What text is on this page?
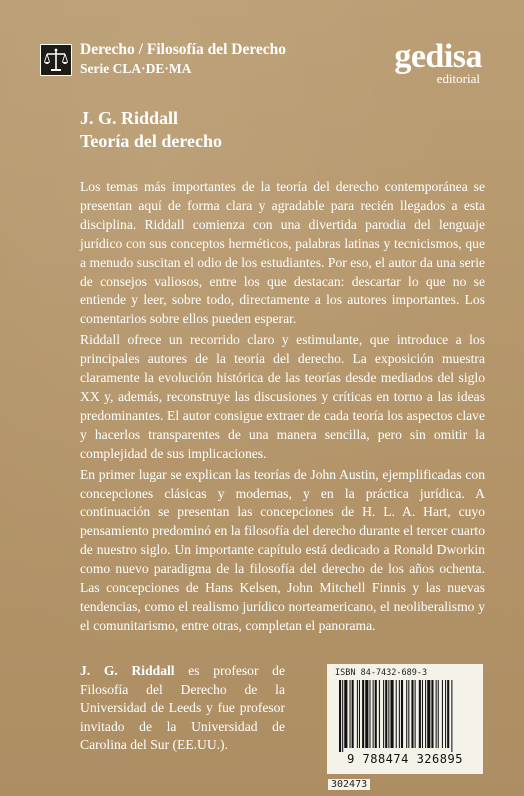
Derecho / Filosofía del Derecho
Serie CLA·DE·MA	gedisa
editorial
J. G. Riddall
Teoría del derecho

Los temas más importantes de la teoría del derecho contemporánea se presentan aquí de forma clara y agradable para recién llegados a esta disciplina. Riddall comienza con una divertida parodia del lenguaje jurídico con sus conceptos herméticos, palabras latinas y tecnicismos, que a menudo suscitan el odio de los estudiantes. Por eso, el autor da una serie de consejos valiosos, entre los que destacan: descartar lo que no se entiende y leer, sobre todo, directamente a los autores importantes. Los comentarios sobre ellos pueden esperar.

Riddall ofrece un recorrido claro y estimulante, que introduce a los principales autores de la teoría del derecho. La exposición muestra claramente la evolución histórica de las teorías desde mediados del siglo XX y, además, reconstruye las discusiones y críticas en torno a las ideas predominantes. El autor consigue extraer de cada teoría los aspectos clave y hacerlos transparentes de una manera sencilla, pero sin omitir la complejidad de sus implicaciones.

En primer lugar se explican las teorías de John Austin, ejemplificadas con concepciones clásicas y modernas, y en la práctica jurídica. A continuación se presentan las concepciones de H. L. A. Hart, cuyo pensamiento predominó en la filosofía del derecho durante el tercer cuarto de nuestro siglo. Un importante capítulo está dedicado a Ronald Dworkin como nuevo paradigma de la filosofía del derecho de los años ochenta. Las concepciones de Hans Kelsen, John Mitchell Finnis y las nuevas tendencias, como el realismo jurídico norteamericano, el neoliberalismo y el comunitarismo, entre otras, completan el panorama.

J. G. Riddall es profesor de Filosofía del Derecho de la Universidad de Leeds y fue profesor invitado de la Universidad de Carolina del Sur (EE.UU.).
ISBN 84-7432-689-3
9 788474 326895
302473
